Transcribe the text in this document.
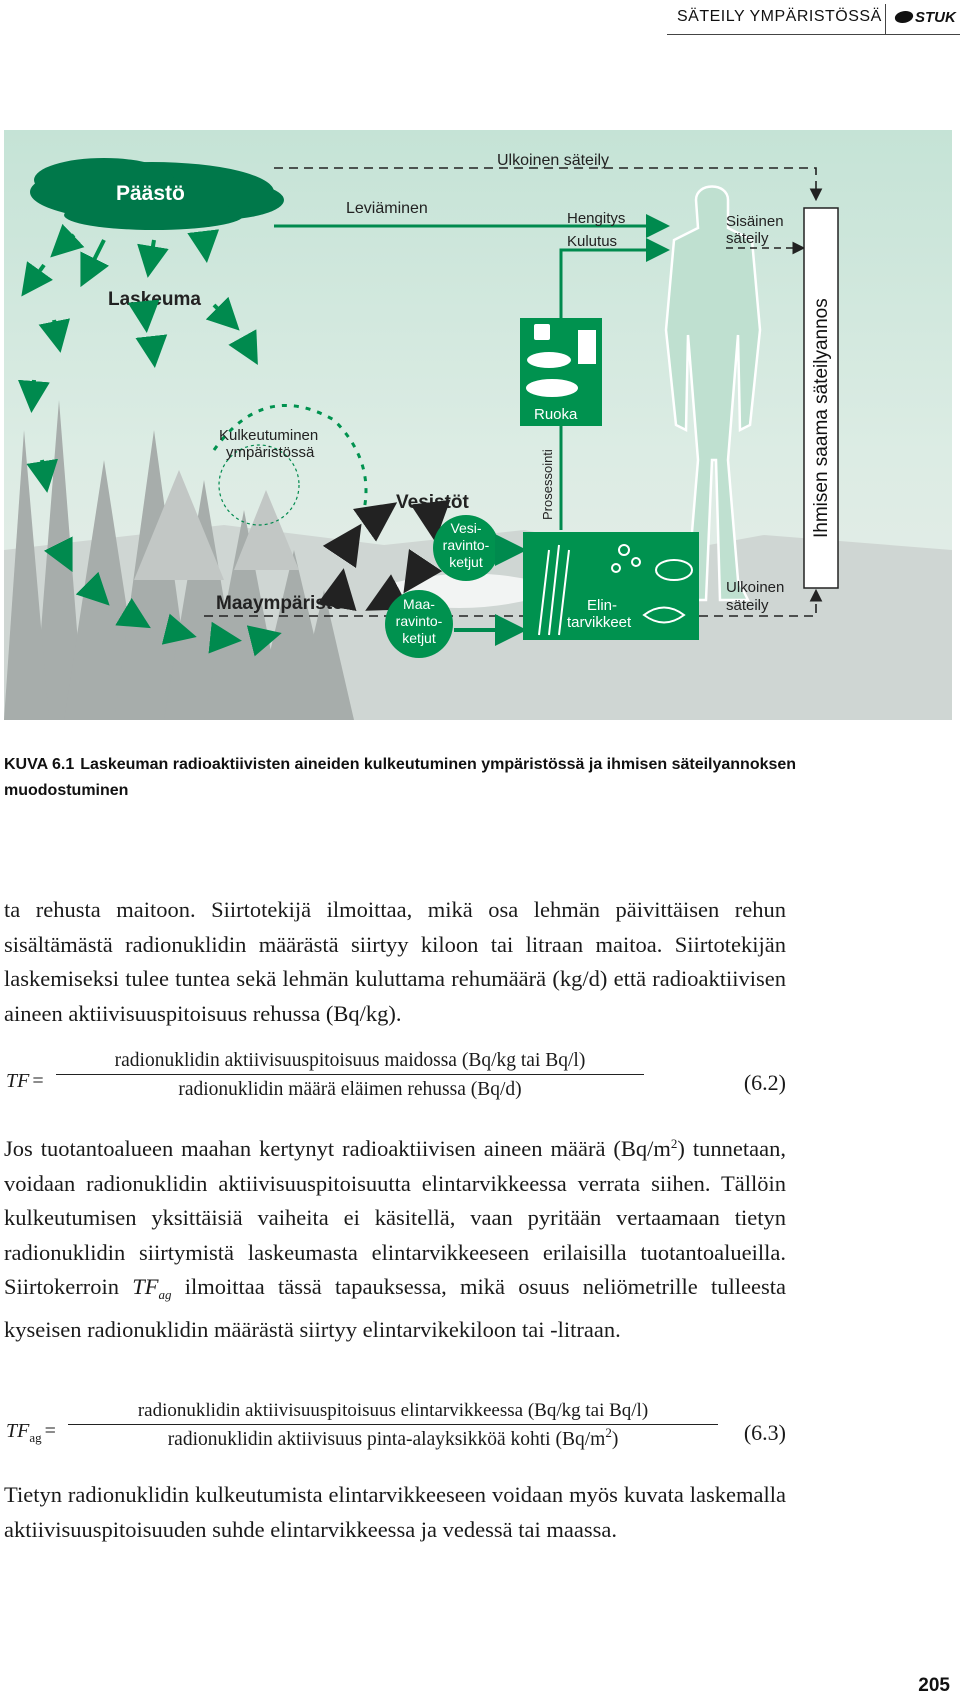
SÄTEILY YMPÄRISTÖSSÄ	STUK
Päästö
Ulkoinen säteily
Leviäminen
Hengitys
Kulutus
Sisäinen
säteily
Ihmisen saama säteilyannos
Ulkoinen
säteily
Laskeuma
Kulkeutuminen
ympäristössä
Vesistöt
Maaympäristö
Vesi-
ravinto-
ketjut
Maa-
ravinto-
ketjut
Ruoka
Prosessointi
Elin-
tarvikkeet
KUVA 6.1 Laskeuman radioaktiivisten aineiden kulkeutuminen ympäristössä ja ihmisen säteilyannoksen muodostuminen

ta rehusta maitoon. Siirtotekijä ilmoittaa, mikä osa lehmän päivittäisen rehun sisältämästä radionuklidin määrästä siirtyy kiloon tai litraan maitoa. Siirtotekijän laskemiseksi tulee tuntea sekä lehmän kuluttama rehumäärä (kg/d) että radioaktiivisen aineen aktiivisuuspitoisuus rehussa (Bq/kg).

TF =
radionuklidin aktiivisuuspitoisuus maidossa (Bq/kg tai Bq/l)
radionuklidin määrä eläimen rehussa (Bq/d)	(6.2)

Jos tuotantoalueen maahan kertynyt radioaktiivisen aineen määrä $(Bq/m^2)$ tunnetaan, voidaan radionuklidin aktiivisuuspitoisuutta elintarvikkeessa verrata siihen. Tällöin kulkeutumisen yksittäisiä vaiheita ei käsitellä, vaan pyritään vertaamaan tietyn radionuklidin siirtymistä laskeumasta elintarvikkeeseen erilaisilla tuotantoalueilla. Siirtokerroin $TF_{ag}$ ilmoittaa tässä tapauksessa, mikä osuus neliömetrille tulleesta kyseisen radionuklidin määrästä siirtyy elintarvikekiloon tai -litraan.

$TF_{ag}$ =
radionuklidin aktiivisuuspitoisuus elintarvikkeessa (Bq/kg tai Bq/l)
radionuklidin aktiivisuus pinta-alayksikköä kohti $(Bq/m^2)$	(6.3)

Tietyn radionuklidin kulkeutumista elintarvikkeeseen voidaan myös kuvata laskemalla aktiivisuuspitoisuuden suhde elintarvikkeessa ja vedessä tai maassa.

205
